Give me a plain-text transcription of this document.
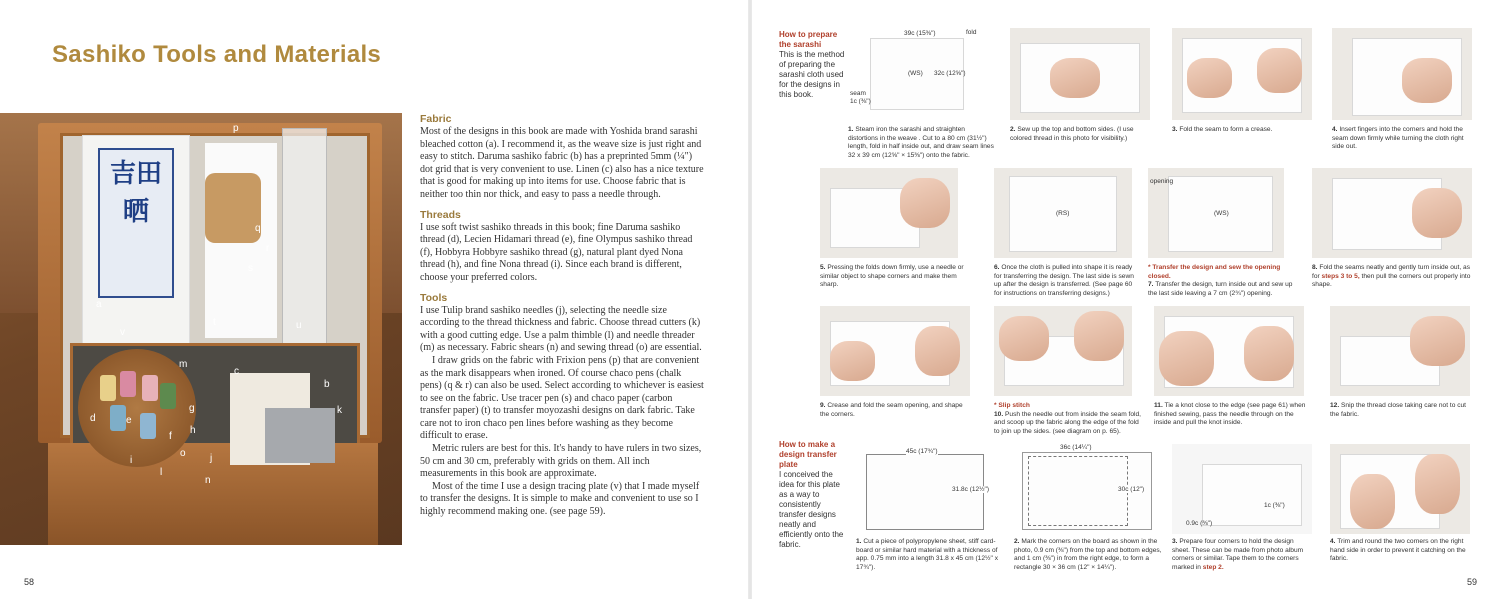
Sashiko Tools and Materials
吉田晒
p
a
t	u
b
k
c
m
g
d	e
h
f
o
i	j
l
n
q
r
s
v
Fabric

Most of the designs in this book are made with Yoshida brand sarashi bleached cotton (a). I recommend it, as the weave size is just right and easy to stitch. Daruma sashiko fabric (b) has a preprinted 5mm (¼") dot grid that is very convenient to use. Linen (c) also has a nice texture that is good for making up into items for use. Choose fabric that is neither too thin nor thick, and easy to pass a needle through.

Threads

I use soft twist sashiko threads in this book; fine Daruma sashiko thread (d), Lecien Hidamari thread (e), fine Olympus sashiko thread (f), Hobbyra Hobbyre sashiko thread (g), natural plant dyed Nona thread (h), and fine Nona thread (i). Since each brand is different, choose your preferred colors.

Tools

I use Tulip brand sashiko needles (j), selecting the needle size according to the thread thickness and fabric. Choose thread cutters (k) with a good cutting edge. Use a palm thimble (l) and needle threader (m) as necessary. Fabric shears (n) and sewing thread (o) are essential.

I draw grids on the fabric with Frixion pens (p) that are convenient as the mark disappears when ironed. Of course chaco pens (chalk pens) (q & r) can also be used. Select according to whichever is easiest to see on the fabric. Use tracer pen (s) and chaco paper (carbon transfer paper) (t) to transfer moyozashi designs on dark fabric. Take care not to iron chaco pen lines before washing as they become difficult to erase.

Metric rulers are best for this. It's handy to have rulers in two sizes, 50 cm and 30 cm, preferably with grids on them. All inch measurements in this book are approximate.

Most of the time I use a design tracing plate (v) that I made myself to transfer the designs. It is simple to make and convenient to use so I highly recommend making one. (see page 59).

58
How to prepare the sarashi
This is the method of preparing the sarashi cloth used for the designs in this book.
39c (15⅜")	fold
(WS) 32c (12⅝")
seam 1c (⅜")
1. Steam iron the sarashi and straighten distortions in the weave . Cut to a 80 cm (31½") length, fold in half inside out, and draw seam lines 32 x 39 cm (12⅝" × 15⅜") onto the fabric.
2. Sew up the top and bottom sides. (I use colored thread in this photo for visibility.)
3. Fold the seam to form a crease.	4. Insert fingers into the corners and hold the seam down firmly while turning the cloth right side out.
5. Pressing the folds down firmly, use a needle or similar object to shape corners and make them sharp.
(RS)
6. Once the cloth is pulled into shape it is ready for transferring the design. The last side is sewn up after the design is transferred. (See page 60 for instructions on transferring designs.)
opening
(WS)
* Transfer the design and sew the opening closed.
7. Transfer the design, turn inside out and sew up the last side leaving a 7 cm (2¾") opening.
8. Fold the seams neatly and gently turn inside out, as for steps 3 to 5, then pull the corners out properly into shape.
9. Crease and fold the seam opening, and shape the corners.
* Slip stitch
10. Push the needle out from inside the seam fold, and scoop up the fabric along the edge of the fold to join up the sides. (see diagram on p. 65).
11. Tie a knot close to the edge (see page 61) when finished sewing, pass the needle through on the inside and pull the knot inside.
12. Snip the thread close taking care not to cut the fabric.
How to make a design transfer plate
I conceived the idea for this plate as a way to consistently transfer designs neatly and efficiently onto the fabric.
45c (17¾")
31.8c (12½")
1. Cut a piece of polypropylene sheet, stiff card-board or similar hard material with a thickness of app. 0.75 mm into a length 31.8 x 45 cm (12½" x 17¾").
36c (14¼")
30c (12")
2. Mark the corners on the board as shown in the photo, 0.9 cm (⅜") from the top and bottom edges, and 1 cm (⅜") in from the right edge, to form a rectangle 30 × 36 cm (12" × 14¼").
1c (⅜")
0.9c (⅜")
3. Prepare four corners to hold the design sheet. These can be made from photo album corners or similar. Tape them to the corners marked in step 2.
4. Trim and round the two corners on the right hand side in order to prevent it catching on the fabric.
59
